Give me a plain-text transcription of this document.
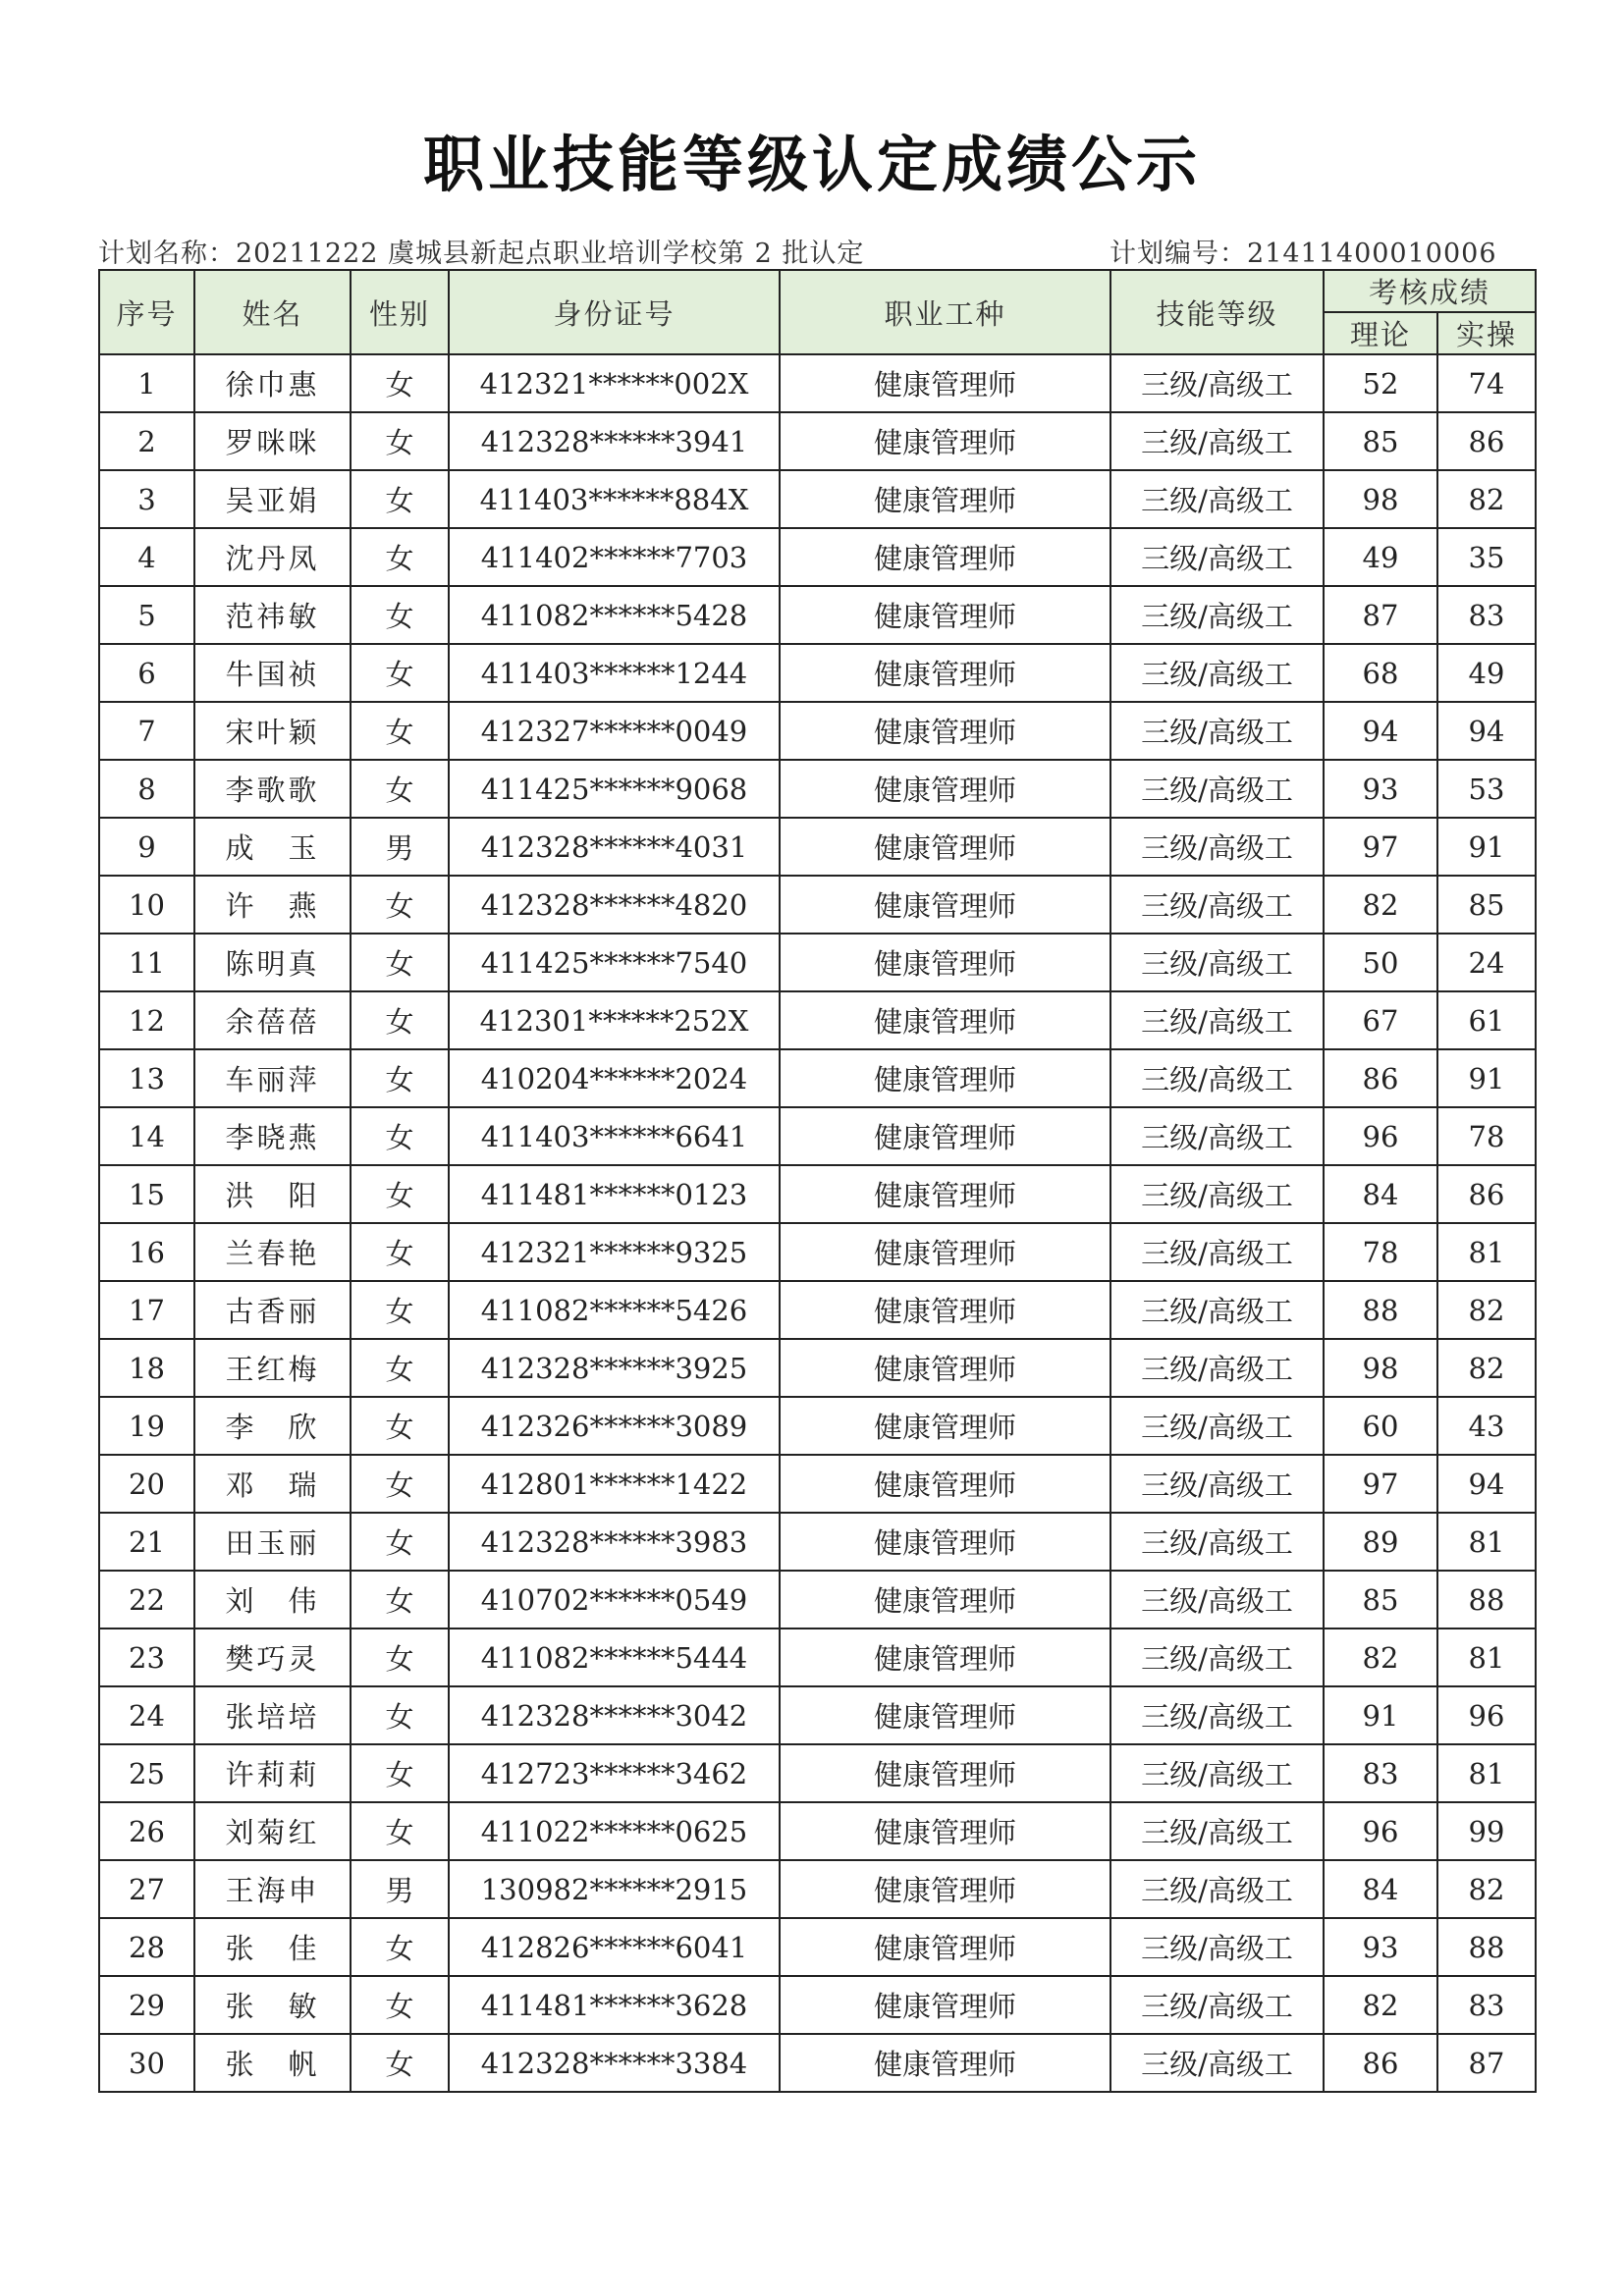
职业技能等级认定成绩公示
计划名称：20211222 虞城县新起点职业培训学校第 2 批认定	计划编号：21411400010006
序号	姓名	性别	身份证号	职业工种	技能等级	考核成绩	
						理论	实操
1	徐巾惠	女	412321******002X	健康管理师	三级/高级工	52	74
2	罗咪咪	女	412328******3941	健康管理师	三级/高级工	85	86
3	吴亚娟	女	411403******884X	健康管理师	三级/高级工	98	82
4	沈丹凤	女	411402******7703	健康管理师	三级/高级工	49	35
5	范祎敏	女	411082******5428	健康管理师	三级/高级工	87	83
6	牛国祯	女	411403******1244	健康管理师	三级/高级工	68	49
7	宋叶颖	女	412327******0049	健康管理师	三级/高级工	94	94
8	李歌歌	女	411425******9068	健康管理师	三级/高级工	93	53
9	成　玉	男	412328******4031	健康管理师	三级/高级工	97	91
10	许　燕	女	412328******4820	健康管理师	三级/高级工	82	85
11	陈明真	女	411425******7540	健康管理师	三级/高级工	50	24
12	余蓓蓓	女	412301******252X	健康管理师	三级/高级工	67	61
13	车丽萍	女	410204******2024	健康管理师	三级/高级工	86	91
14	李晓燕	女	411403******6641	健康管理师	三级/高级工	96	78
15	洪　阳	女	411481******0123	健康管理师	三级/高级工	84	86
16	兰春艳	女	412321******9325	健康管理师	三级/高级工	78	81
17	古香丽	女	411082******5426	健康管理师	三级/高级工	88	82
18	王红梅	女	412328******3925	健康管理师	三级/高级工	98	82
19	李　欣	女	412326******3089	健康管理师	三级/高级工	60	43
20	邓　瑞	女	412801******1422	健康管理师	三级/高级工	97	94
21	田玉丽	女	412328******3983	健康管理师	三级/高级工	89	81
22	刘　伟	女	410702******0549	健康管理师	三级/高级工	85	88
23	樊巧灵	女	411082******5444	健康管理师	三级/高级工	82	81
24	张培培	女	412328******3042	健康管理师	三级/高级工	91	96
25	许莉莉	女	412723******3462	健康管理师	三级/高级工	83	81
26	刘菊红	女	411022******0625	健康管理师	三级/高级工	96	99
27	王海申	男	130982******2915	健康管理师	三级/高级工	84	82
28	张　佳	女	412826******6041	健康管理师	三级/高级工	93	88
29	张　敏	女	411481******3628	健康管理师	三级/高级工	82	83
30	张　帆	女	412328******3384	健康管理师	三级/高级工	86	87
